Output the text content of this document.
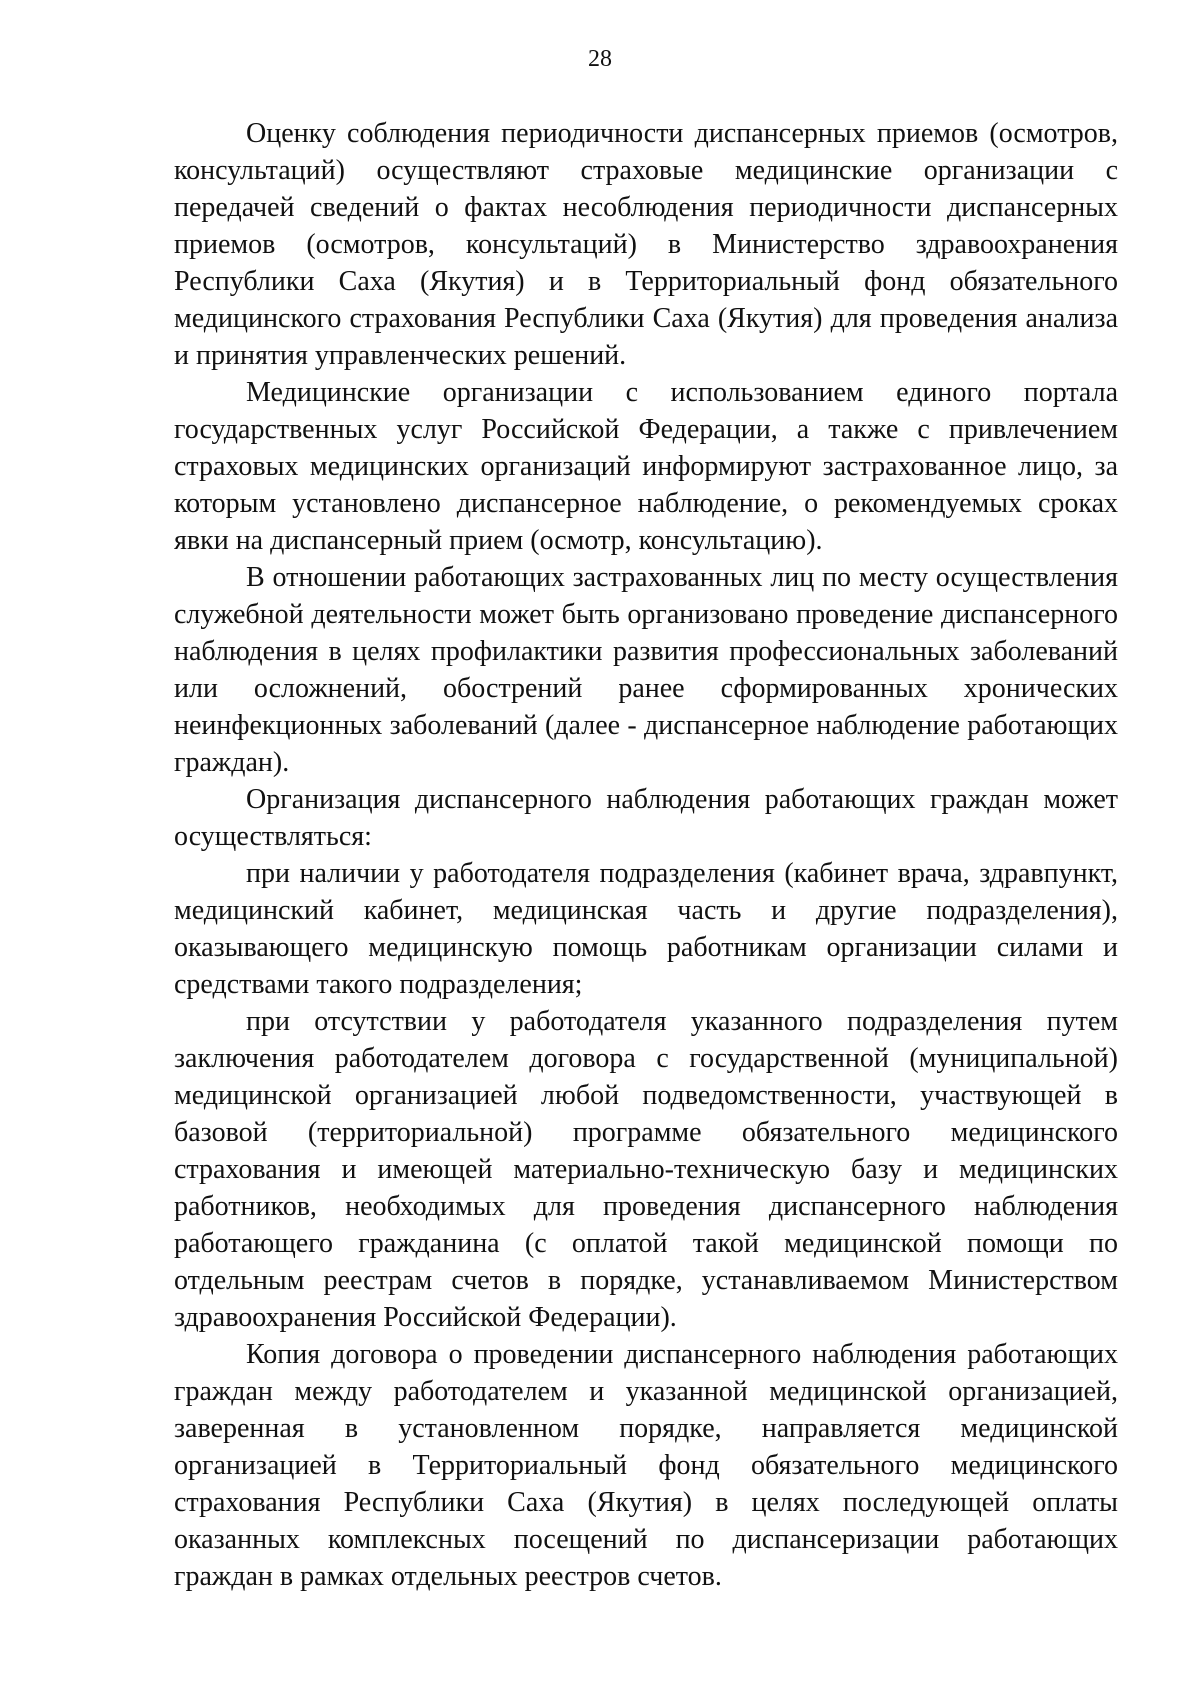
28

Оценку соблюдения периодичности диспансерных приемов (осмотров, консультаций) осуществляют страховые медицинские организации с передачей сведений о фактах несоблюдения периодичности диспансерных приемов (осмотров, консультаций) в Министерство здравоохранения Республики Саха (Якутия) и в Территориальный фонд обязательного медицинского страхования Республики Саха (Якутия) для проведения анализа и принятия управленческих решений.

Медицинские организации с использованием единого портала государственных услуг Российской Федерации, а также с привлечением страховых медицинских организаций информируют застрахованное лицо, за которым установлено диспансерное наблюдение, о рекомендуемых сроках явки на диспансерный прием (осмотр, консультацию).

В отношении работающих застрахованных лиц по месту осуществления служебной деятельности может быть организовано проведение диспансерного наблюдения в целях профилактики развития профессиональных заболеваний или осложнений, обострений ранее сформированных хронических неинфекционных заболеваний (далее - диспансерное наблюдение работающих граждан).

Организация диспансерного наблюдения работающих граждан может осуществляться:

при наличии у работодателя подразделения (кабинет врача, здравпункт, медицинский кабинет, медицинская часть и другие подразделения), оказывающего медицинскую помощь работникам организации силами и средствами такого подразделения;

при отсутствии у работодателя указанного подразделения путем заключения работодателем договора с государственной (муниципальной) медицинской организацией любой подведомственности, участвующей в базовой (территориальной) программе обязательного медицинского страхования и имеющей материально-техническую базу и медицинских работников, необходимых для проведения диспансерного наблюдения работающего гражданина (с оплатой такой медицинской помощи по отдельным реестрам счетов в порядке, устанавливаемом Министерством здравоохранения Российской Федерации).

Копия договора о проведении диспансерного наблюдения работающих граждан между работодателем и указанной медицинской организацией, заверенная в установленном порядке, направляется медицинской организацией в Территориальный фонд обязательного медицинского страхования Республики Саха (Якутия) в целях последующей оплаты оказанных комплексных посещений по диспансеризации работающих граждан в рамках отдельных реестров счетов.
